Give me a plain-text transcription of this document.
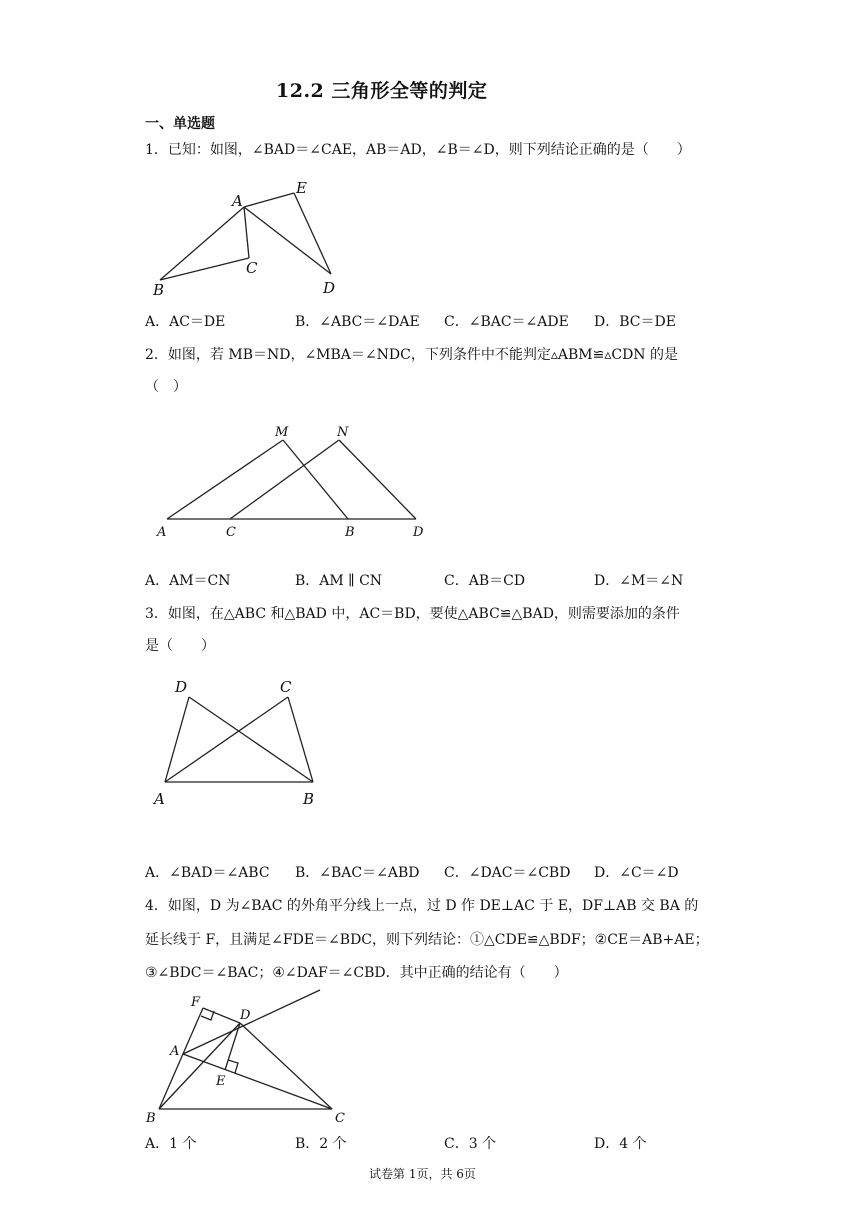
12.2 三角形全等的判定
一、单选题
1．已知：如图，∠BAD＝∠CAE，AB＝AD，∠B＝∠D，则下列结论正确的是（　　）
A
E
C
B	D
A．AC＝DE	B．∠ABC＝∠DAE C．∠BAC＝∠ADE D．BC＝DE
2．如图，若 MB＝ND，∠MBA＝∠NDC，下列条件中不能判定▵ABM≌▵CDN 的是
（　）
M	N
A	C	B	D
A．AM＝CN	B．AM ∥ CN	C．AB＝CD	D．∠M＝∠N
3．如图，在△ABC 和△BAD 中，AC＝BD，要使△ABC≌△BAD，则需要添加的条件
是（　　）
D	C
A	B
A．∠BAD＝∠ABC B．∠BAC＝∠ABD C．∠DAC＝∠CBD D．∠C＝∠D
4．如图，D 为∠BAC 的外角平分线上一点，过 D 作 DE⊥AC 于 E，DF⊥AB 交 BA 的
延长线于 F，且满足∠FDE＝∠BDC，则下列结论：①△CDE≌△BDF；②CE＝AB+AE；
③∠BDC＝∠BAC；④∠DAF＝∠CBD．其中正确的结论有（　　）
F
D
A
E
B	C
A．1 个	B．2 个	C．3 个	D．4 个
试卷第 1页，共 6页
